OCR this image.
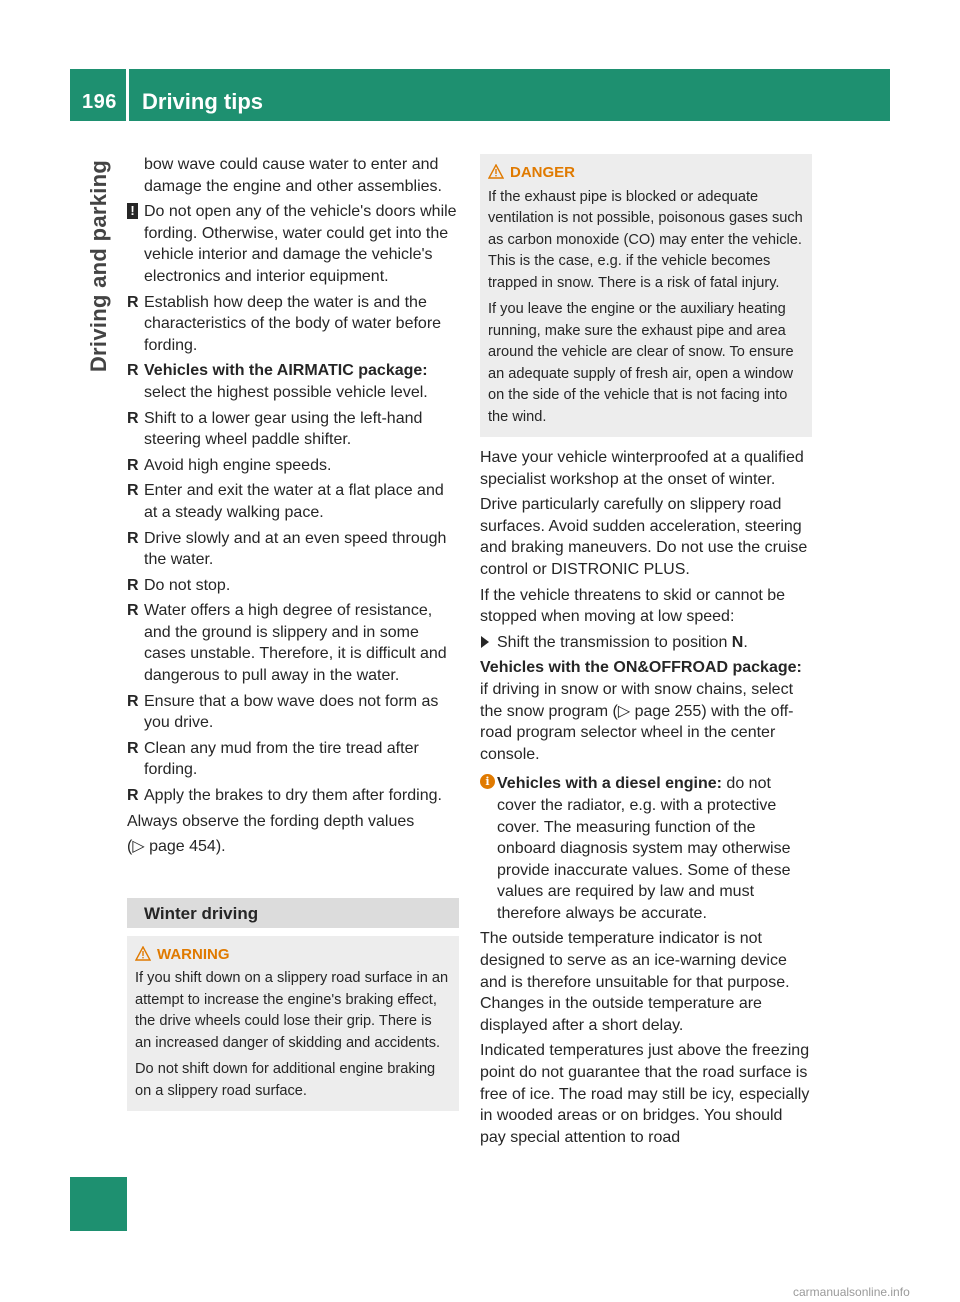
196 Driving tips
Driving and parking	bow wave could cause water to enter and damage the engine and other assemblies.

! Do not open any of the vehicle's doors while fording. Otherwise, water could get into the vehicle interior and damage the vehicle's electronics and interior equipment.
R Establish how deep the water is and the characteristics of the body of water before fording.
R Vehicles with the AIRMATIC package: select the highest possible vehicle level.
R Shift to a lower gear using the left-hand steering wheel paddle shifter.
R Avoid high engine speeds.
R Enter and exit the water at a flat place and at a steady walking pace.
R Drive slowly and at an even speed through the water.
R Do not stop.
R Water offers a high degree of resistance, and the ground is slippery and in some cases unstable. Therefore, it is difficult and dangerous to pull away in the water.
R Ensure that a bow wave does not form as you drive.
R Clean any mud from the tire tread after fording.
R Apply the brakes to dry them after fording.

Always observe the fording depth values

(▷ page 454).

Winter driving
WARNING

If you shift down on a slippery road surface in an attempt to increase the engine's braking effect, the drive wheels could lose their grip. There is an increased danger of skidding and accidents.

Do not shift down for additional engine braking on a slippery road surface.

DANGER

If the exhaust pipe is blocked or adequate ventilation is not possible, poisonous gases such as carbon monoxide (CO) may enter the vehicle. This is the case, e.g. if the vehicle becomes trapped in snow. There is a risk of fatal injury.

If you leave the engine or the auxiliary heating running, make sure the exhaust pipe and area around the vehicle are clear of snow. To ensure an adequate supply of fresh air, open a window on the side of the vehicle that is not facing into the wind.

Have your vehicle winterproofed at a qualified specialist workshop at the onset of winter.

Drive particularly carefully on slippery road surfaces. Avoid sudden acceleration, steering and braking maneuvers. Do not use the cruise control or DISTRONIC PLUS.

If the vehicle threatens to skid or cannot be stopped when moving at low speed:

Shift the transmission to position N.

Vehicles with the ON&OFFROAD package: if driving in snow or with snow chains, select the snow program (▷ page 255) with the off-road program selector wheel in the center console.

i Vehicles with a diesel engine: do not cover the radiator, e.g. with a protective cover. The measuring function of the onboard diagnosis system may otherwise provide inaccurate values. Some of these values are required by law and must therefore always be accurate.

The outside temperature indicator is not designed to serve as an ice-warning device and is therefore unsuitable for that purpose. Changes in the outside temperature are displayed after a short delay.

Indicated temperatures just above the freezing point do not guarantee that the road surface is free of ice. The road may still be icy, especially in wooded areas or on bridges. You should pay special attention to road

carmanualsonline.info
